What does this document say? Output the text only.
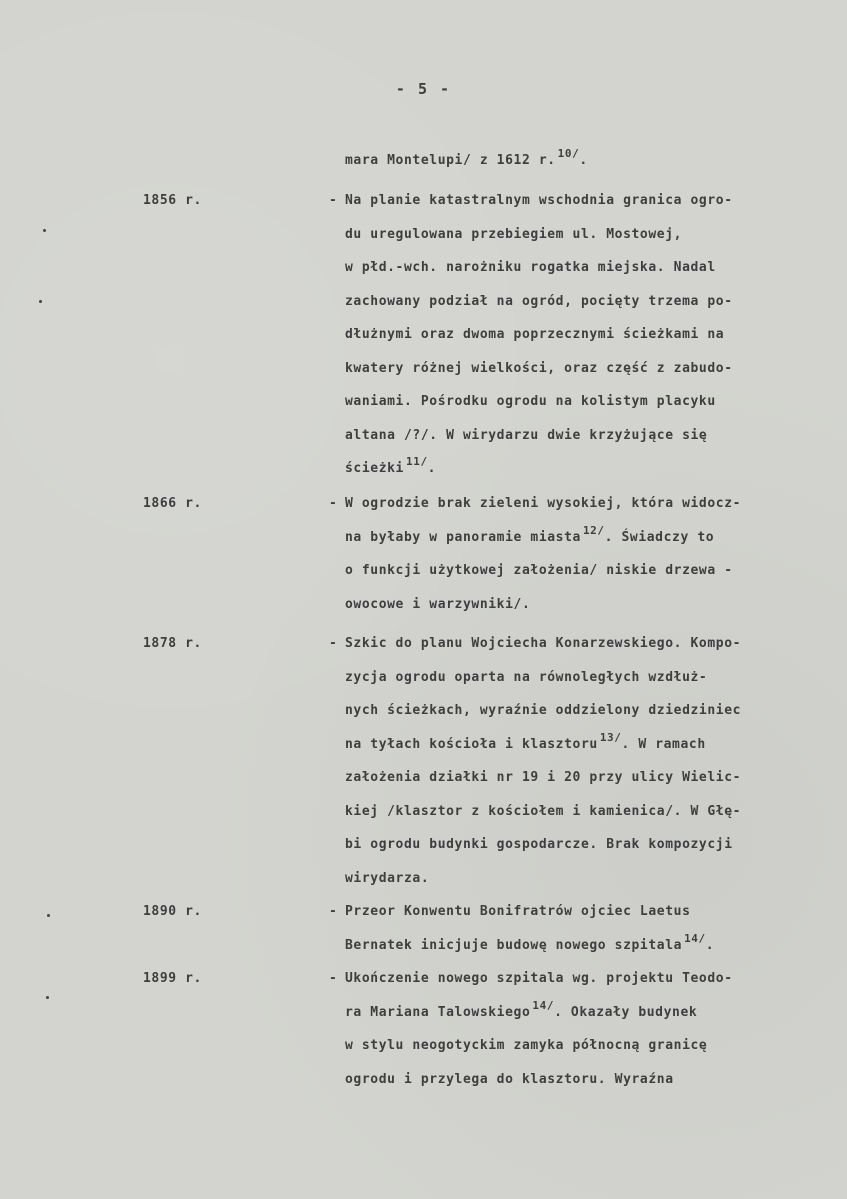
- 5 -
mara Montelupi/ z 1612 r. $^{10/}$.
1856 r.	- Na planie katastralnym wschodnia granica ogro-
du uregulowana przebiegiem ul. Mostowej,
w płd.-wch. narożniku rogatka miejska. Nadal
zachowany podział na ogród, pocięty trzema po-
dłużnymi oraz dwoma poprzecznymi ścieżkami na
kwatery różnej wielkości, oraz część z zabudo-
waniami. Pośrodku ogrodu na kolistym placyku
altana /?/. W wirydarzu dwie krzyżujące się
ścieżki $^{11/}$.
1866 r.	- W ogrodzie brak zieleni wysokiej, która widocz-
na byłaby w panoramie miasta $^{12/}$. Świadczy to
o funkcji użytkowej założenia/ niskie drzewa -
owocowe i warzywniki/.
1878 r.	- Szkic do planu Wojciecha Konarzewskiego. Kompo-
zycja ogrodu oparta na równoległych wzdłuż-
nych ścieżkach, wyraźnie oddzielony dziedziniec
na tyłach kościoła i klasztoru $^{13/}$. W ramach
założenia działki nr 19 i 20 przy ulicy Wielic-
kiej /klasztor z kościołem i kamienica/. W Głę-
bi ogrodu budynki gospodarcze. Brak kompozycji
wirydarza.
1890 r.	- Przeor Konwentu Bonifratrów ojciec Laetus
Bernatek inicjuje budowę nowego szpitala $^{14/}$.
1899 r.	- Ukończenie nowego szpitala wg. projektu Teodo-
ra Mariana Talowskiego $^{14/}$. Okazały budynek
w stylu neogotyckim zamyka północną granicę
ogrodu i przylega do klasztoru. Wyraźna
